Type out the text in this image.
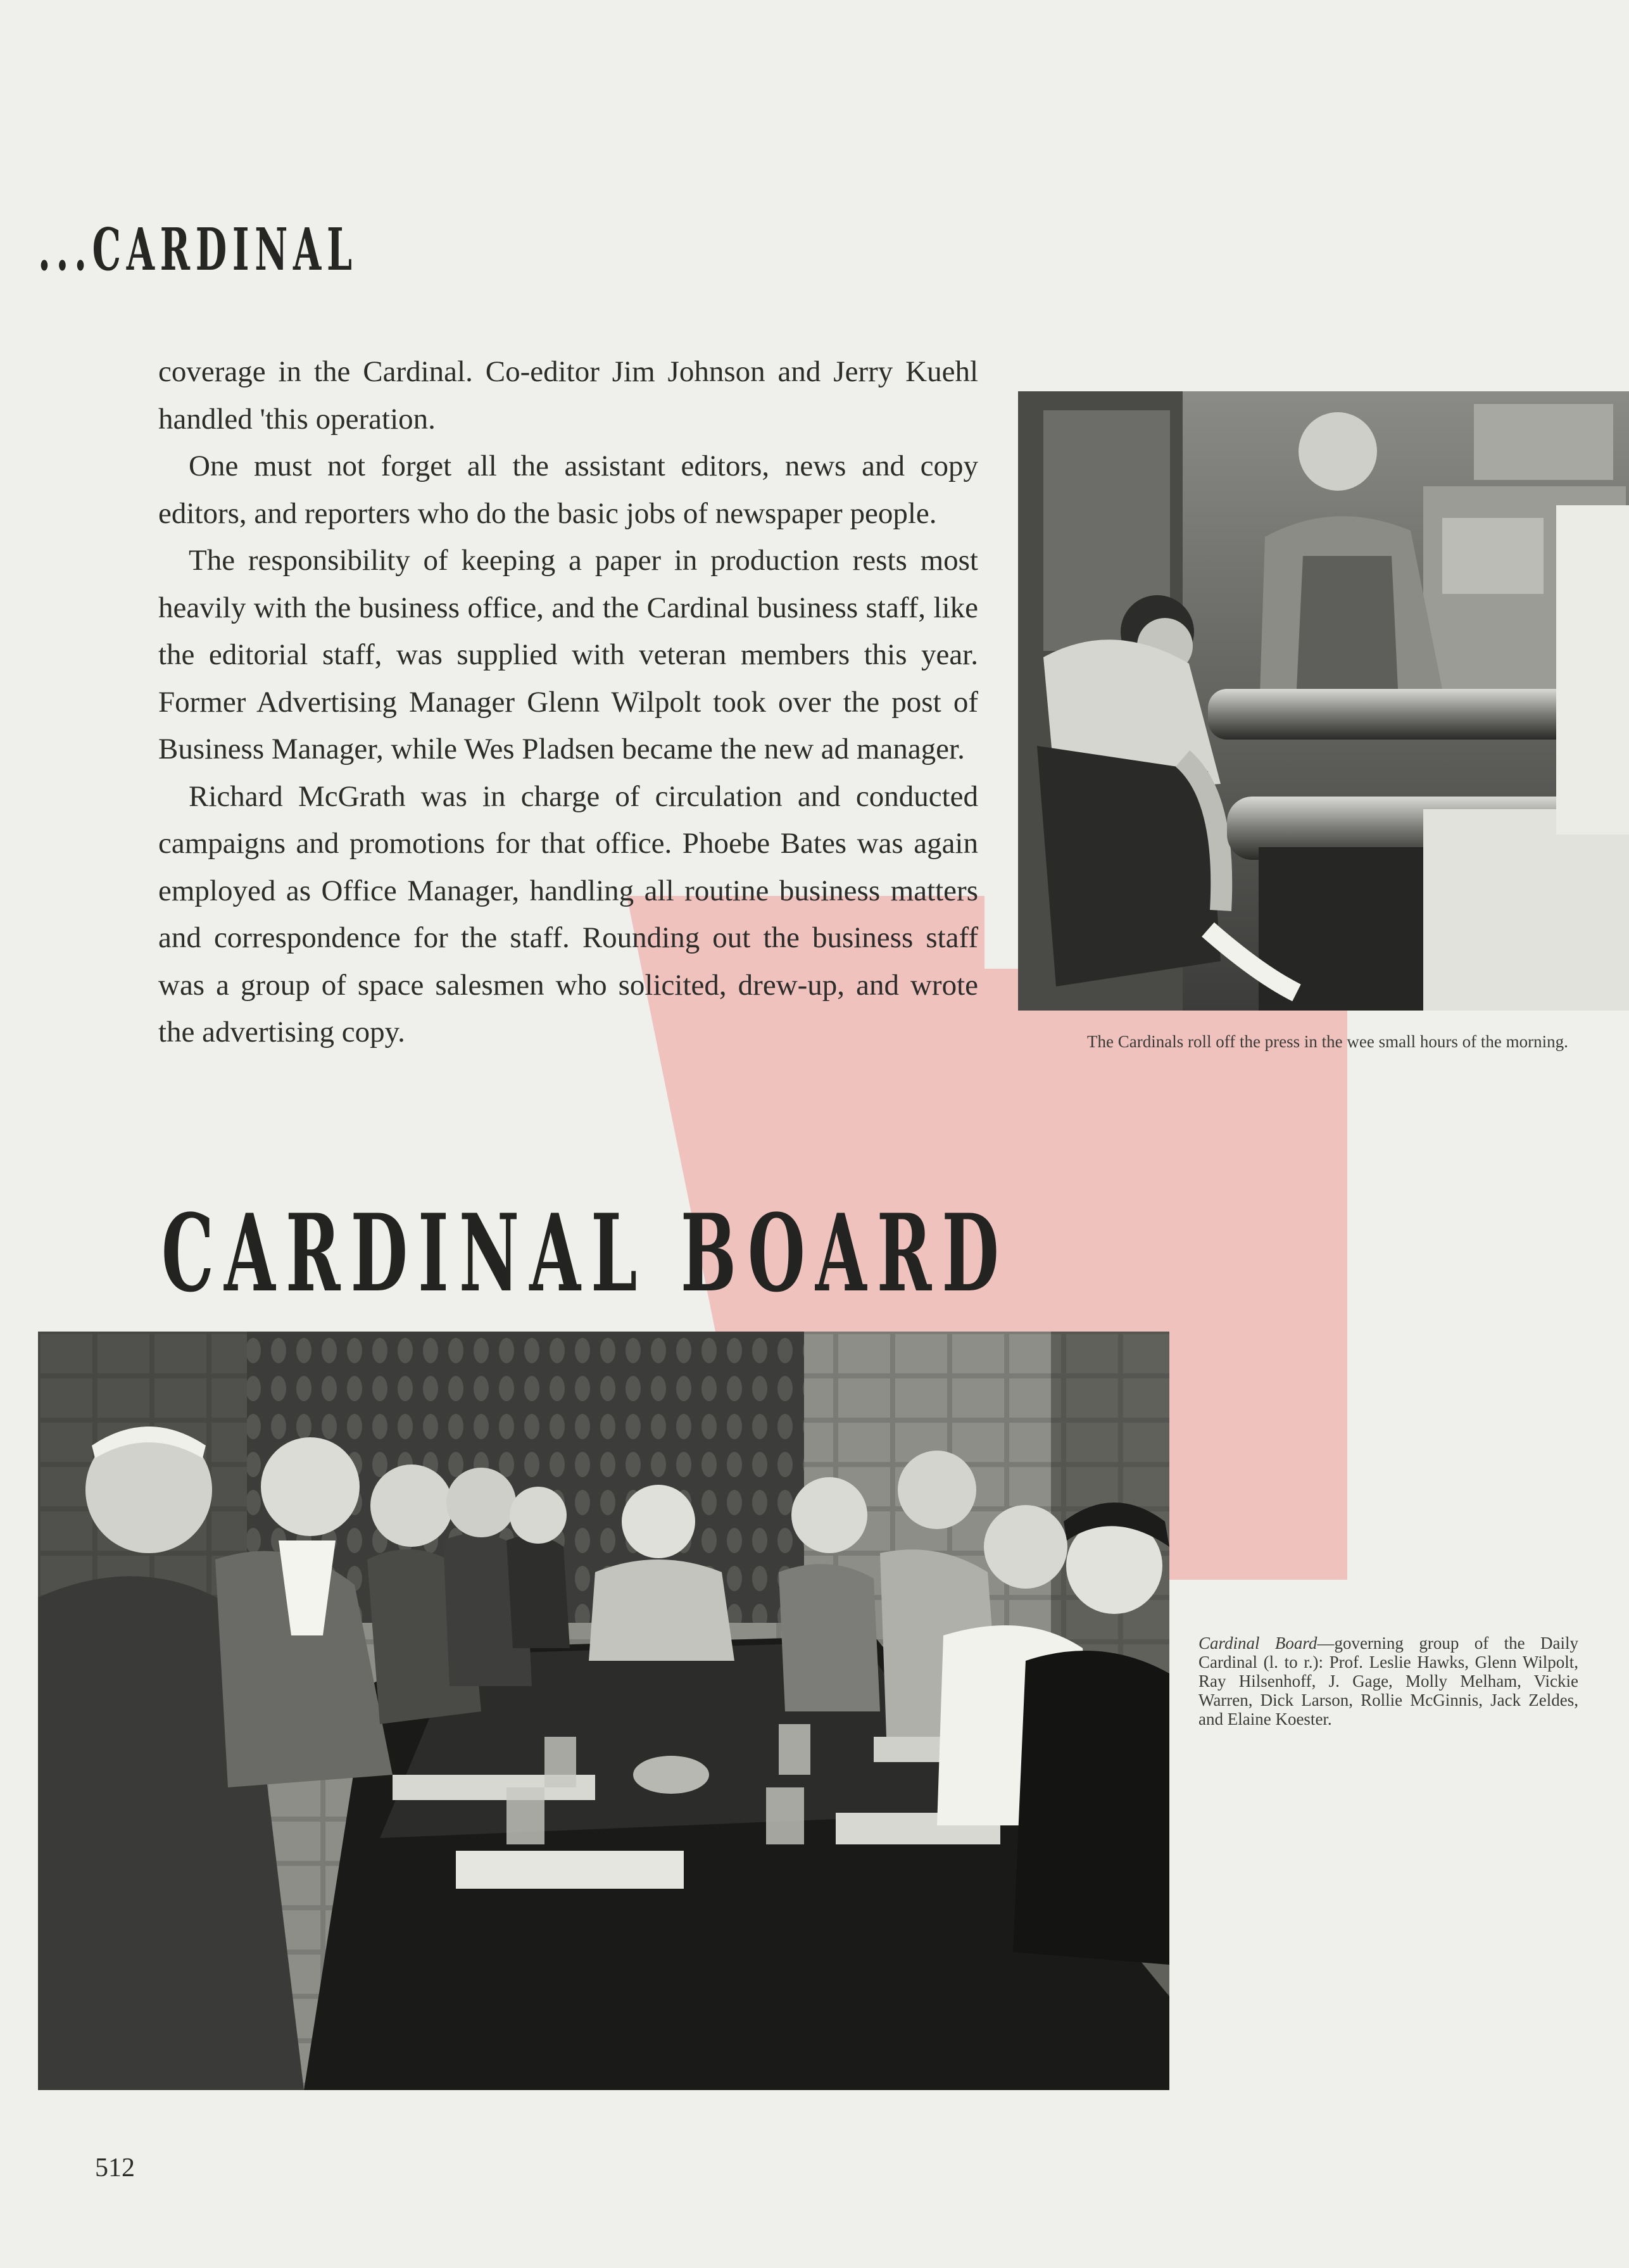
...CARDINAL

coverage in the Cardinal. Co-editor Jim Johnson and Jerry Kuehl handled 'this operation.

One must not forget all the assistant editors, news and copy editors, and reporters who do the basic jobs of newspaper people.

The responsibility of keeping a paper in production rests most heavily with the business office, and the Cardinal business staff, like the editorial staff, was supplied with veteran members this year. Former Advertising Manager Glenn Wilpolt took over the post of Business Manager, while Wes Pladsen became the new ad manager.

Richard McGrath was in charge of circulation and conducted campaigns and promotions for that office. Phoebe Bates was again employed as Office Manager, handling all routine business matters and correspondence for the staff. Rounding out the business staff was a group of space salesmen who solicited, drew-up, and wrote the advertising copy.	The Cardinals roll off the press in the wee small hours of the morning.
CARDINAL BOARD
Cardinal Board—governing group of the Daily Cardinal (l. to r.): Prof. Leslie Hawks, Glenn Wilpolt, Ray Hilsenhoff, J. Gage, Molly Melham, Vickie Warren, Dick Larson, Rollie McGinnis, Jack Zeldes, and Elaine Koester.
512
